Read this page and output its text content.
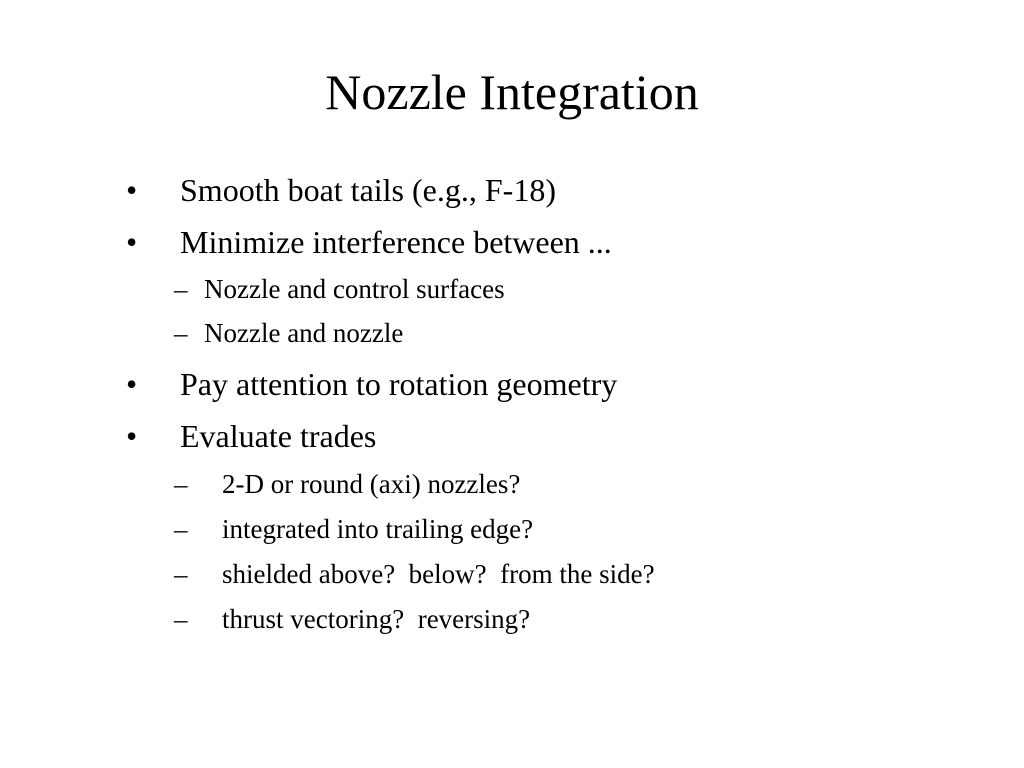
Nozzle Integration
• Smooth boat tails (e.g., F-18)
• Minimize interference between ...
– Nozzle and control surfaces
– Nozzle and nozzle
• Pay attention to rotation geometry
• Evaluate trades
– 2-D or round (axi) nozzles?
– integrated into trailing edge?
– shielded above?  below?  from the side?
– thrust vectoring?  reversing?
